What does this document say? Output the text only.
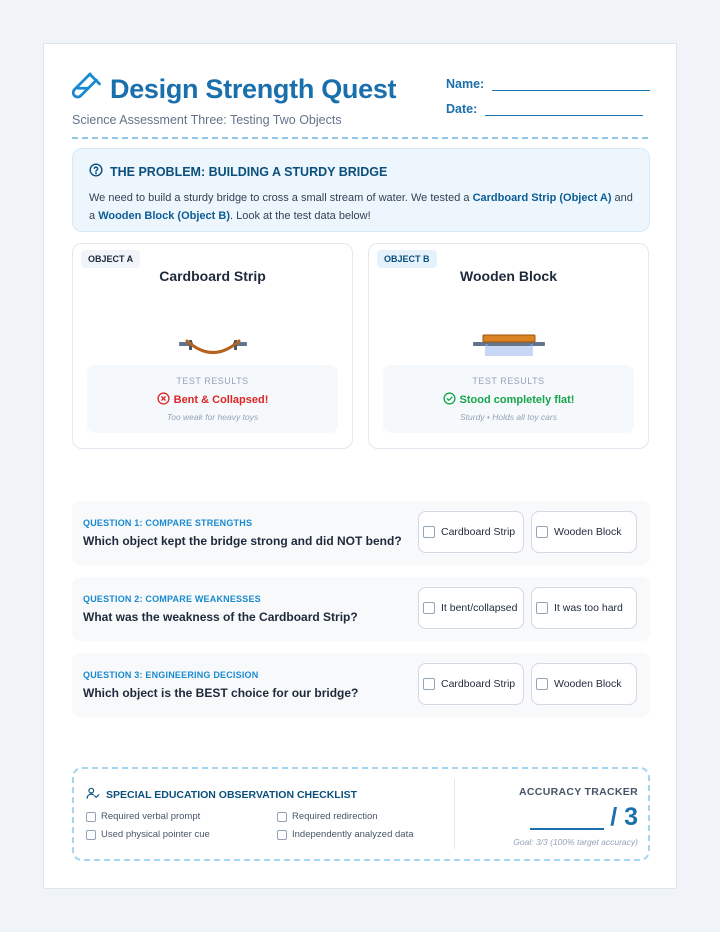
Design Strength Quest
Science Assessment Three: Testing Two Objects
Name:
Date:
THE PROBLEM: BUILDING A STURDY BRIDGE

We need to build a sturdy bridge to cross a small stream of water. We tested a Cardboard Strip (Object A) and a Wooden Block (Object B). Look at the test data below!

OBJECT A
Cardboard Strip
TEST RESULTS
Bent & Collapsed!
Too weak for heavy toys
OBJECT B
Wooden Block
TEST RESULTS
Stood completely flat!
Sturdy • Holds all toy cars
QUESTION 1: COMPARE STRENGTHS
Which object kept the bridge strong and did NOT bend?
Cardboard Strip	Wooden Block
QUESTION 2: COMPARE WEAKNESSES
What was the weakness of the Cardboard Strip?
It bent/collapsed	It was too hard
QUESTION 3: ENGINEERING DECISION
Which object is the BEST choice for our bridge?
Cardboard Strip	Wooden Block
SPECIAL EDUCATION OBSERVATION CHECKLIST
Required verbal prompt	Required redirection
Used physical pointer cue	Independently analyzed data
ACCURACY TRACKER
/ 3
Goal: 3/3 (100% target accuracy)
